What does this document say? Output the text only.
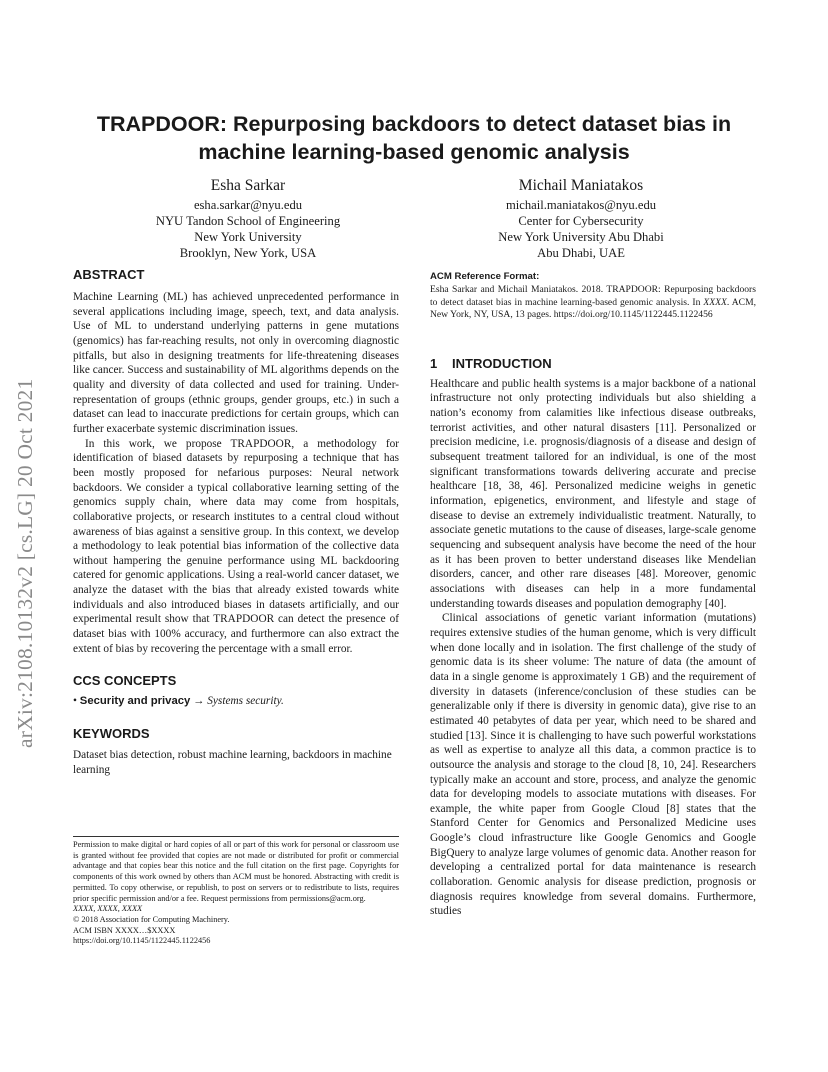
arXiv:2108.10132v2 [cs.LG] 20 Oct 2021
TRAPDOOR: Repurposing backdoors to detect dataset bias in machine learning-based genomic analysis
Esha Sarkar
esha.sarkar@nyu.edu
NYU Tandon School of Engineering
New York University
Brooklyn, New York, USA
Michail Maniatakos
michail.maniatakos@nyu.edu
Center for Cybersecurity
New York University Abu Dhabi
Abu Dhabi, UAE
ABSTRACT

Machine Learning (ML) has achieved unprecedented performance in several applications including image, speech, text, and data analysis. Use of ML to understand underlying patterns in gene mutations (genomics) has far-reaching results, not only in overcoming diagnostic pitfalls, but also in designing treatments for life-threatening diseases like cancer. Success and sustainability of ML algorithms depends on the quality and diversity of data collected and used for training. Under-representation of groups (ethnic groups, gender groups, etc.) in such a dataset can lead to inaccurate predictions for certain groups, which can further exacerbate systemic discrimination issues.

In this work, we propose TRAPDOOR, a methodology for identification of biased datasets by repurposing a technique that has been mostly proposed for nefarious purposes: Neural network backdoors. We consider a typical collaborative learning setting of the genomics supply chain, where data may come from hospitals, collaborative projects, or research institutes to a central cloud without awareness of bias against a sensitive group. In this context, we develop a methodology to leak potential bias information of the collective data without hampering the genuine performance using ML backdooring catered for genomic applications. Using a real-world cancer dataset, we analyze the dataset with the bias that already existed towards white individuals and also introduced biases in datasets artificially, and our experimental result show that TRAPDOOR can detect the presence of dataset bias with 100% accuracy, and furthermore can also extract the extent of bias by recovering the percentage with a small error.

CCS CONCEPTS

• Security and privacy → Systems security.

KEYWORDS

Dataset bias detection, robust machine learning, backdoors in machine learning

Permission to make digital or hard copies of all or part of this work for personal or classroom use is granted without fee provided that copies are not made or distributed for profit or commercial advantage and that copies bear this notice and the full citation on the first page. Copyrights for components of this work owned by others than ACM must be honored. Abstracting with credit is permitted. To copy otherwise, or republish, to post on servers or to redistribute to lists, requires prior specific permission and/or a fee. Request permissions from permissions@acm.org.

XXXX, XXXX, XXXX
© 2018 Association for Computing Machinery.
ACM ISBN XXXX…$XXXX
https://doi.org/10.1145/1122445.1122456
ACM Reference Format:

Esha Sarkar and Michail Maniatakos. 2018. TRAPDOOR: Repurposing backdoors to detect dataset bias in machine learning-based genomic analysis. In XXXX. ACM, New York, NY, USA, 13 pages. https://doi.org/10.1145/1122445.1122456

1 INTRODUCTION

Healthcare and public health systems is a major backbone of a national infrastructure not only protecting individuals but also shielding a nation’s economy from calamities like infectious disease outbreaks, terrorist activities, and other natural disasters [11]. Personalized or precision medicine, i.e. prognosis/diagnosis of a disease and design of subsequent treatment tailored for an individual, is one of the most significant transformations towards delivering accurate and precise healthcare [18, 38, 46]. Personalized medicine weighs in genetic information, epigenetics, environment, and lifestyle and stage of disease to devise an extremely individualistic treatment. Naturally, to associate genetic mutations to the cause of diseases, large-scale genome sequencing and subsequent analysis have become the need of the hour as it has been proven to better understand diseases like Mendelian disorders, cancer, and other rare diseases [48]. Moreover, genomic associations with diseases can help in a more fundamental understanding towards diseases and population demography [40].

Clinical associations of genetic variant information (mutations) requires extensive studies of the human genome, which is very difficult when done locally and in isolation. The first challenge of the study of genomic data is its sheer volume: The nature of data (the amount of data in a single genome is approximately 1 GB) and the requirement of diversity in datasets (inference/conclusion of these studies can be generalizable only if there is diversity in genomic data), give rise to an estimated 40 petabytes of data per year, which need to be shared and studied [13]. Since it is challenging to have such powerful workstations as well as expertise to analyze all this data, a common practice is to outsource the analysis and storage to the cloud [8, 10, 24]. Researchers typically make an account and store, process, and analyze the genomic data for developing models to associate mutations with diseases. For example, the white paper from Google Cloud [8] states that the Stanford Center for Genomics and Personalized Medicine uses Google’s cloud infrastructure like Google Genomics and Google BigQuery to analyze large volumes of genomic data. Another reason for developing a centralized portal for data maintenance is research collaboration. Genomic analysis for disease prediction, prognosis or diagnosis requires knowledge from several domains. Furthermore, studies
